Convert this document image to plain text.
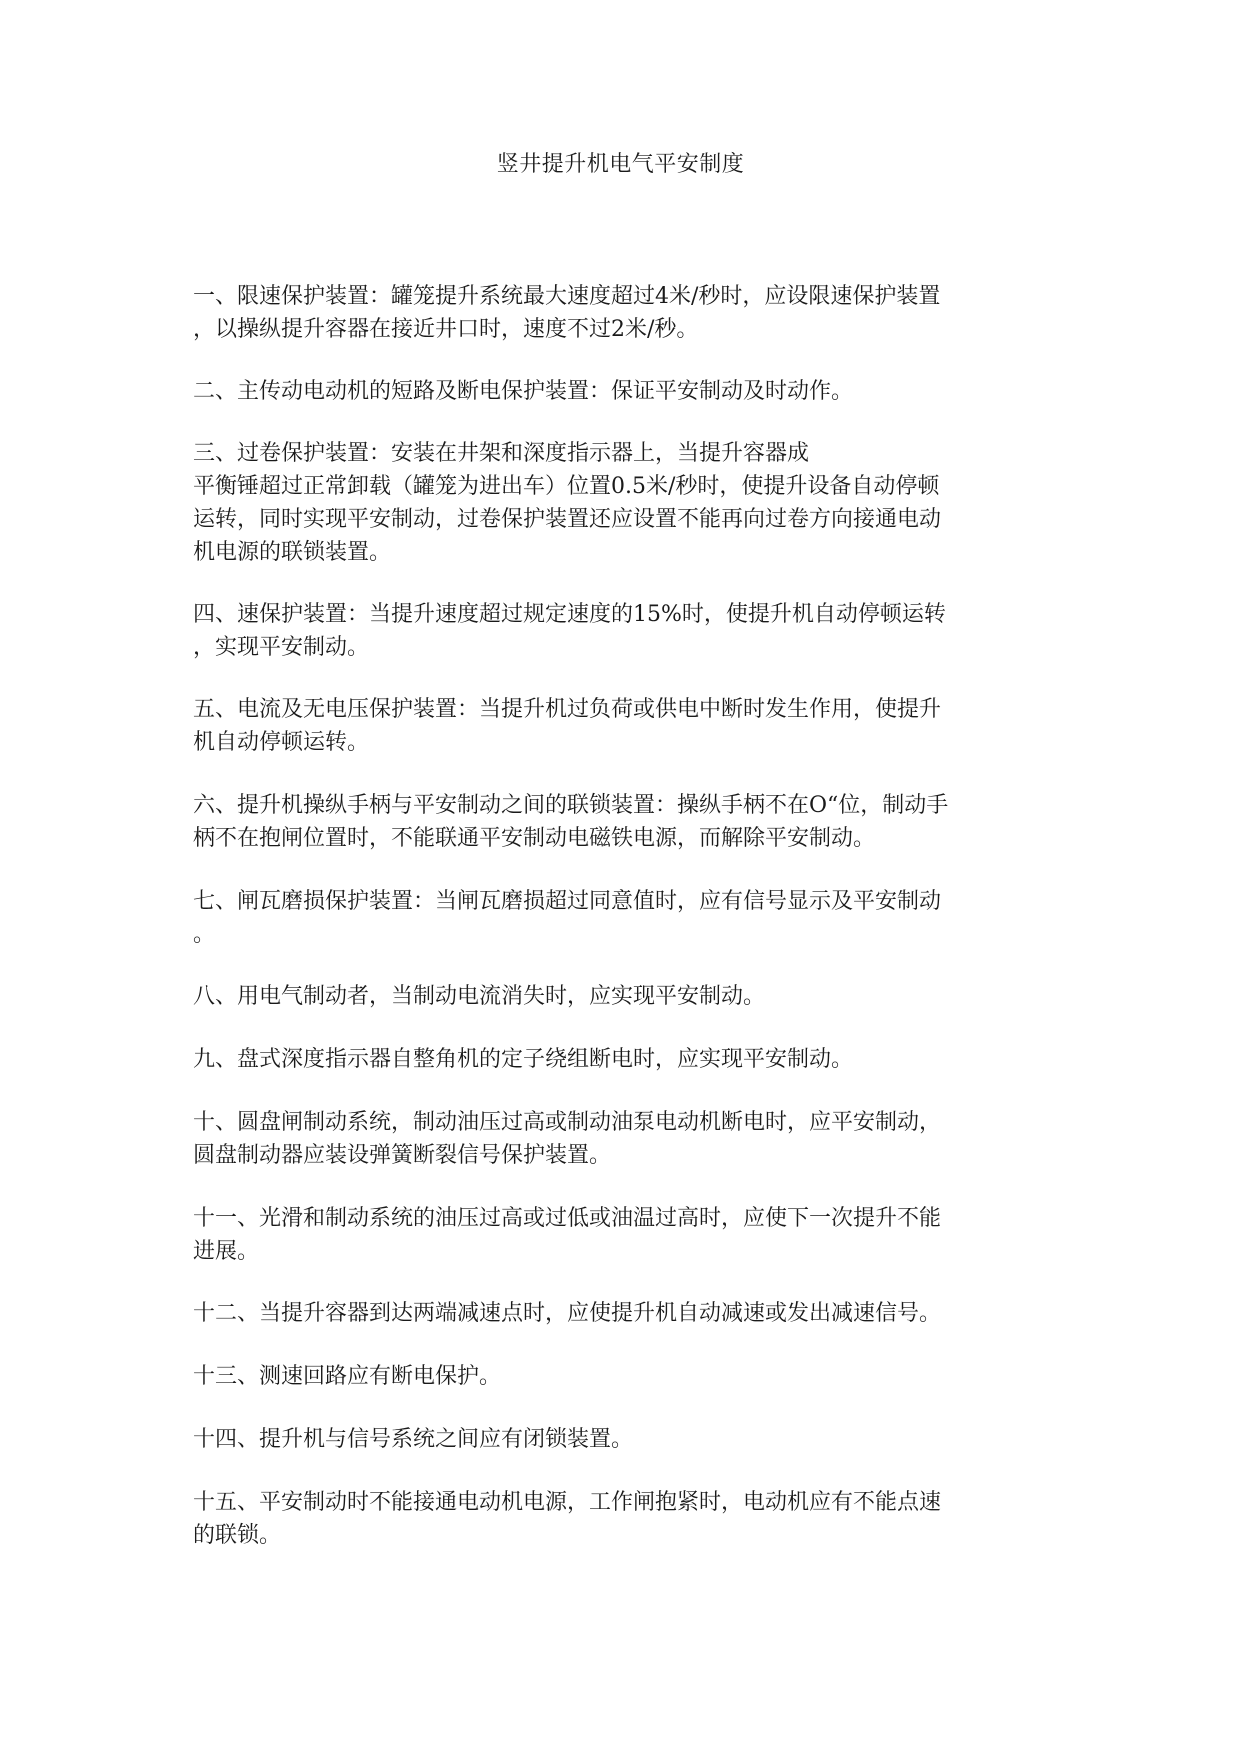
竖井提升机电气平安制度
一、限速保护装置：罐笼提升系统最大速度超过4米/秒时，应设限速保护装置
，以操纵提升容器在接近井口时，速度不过2米/秒。
二、主传动电动机的短路及断电保护装置：保证平安制动及时动作。
三、过卷保护装置：安装在井架和深度指示器上，当提升容器成
平衡锤超过正常卸载（罐笼为进出车）位置0.5米/秒时，使提升设备自动停顿
运转，同时实现平安制动，过卷保护装置还应设置不能再向过卷方向接通电动
机电源的联锁装置。
四、速保护装置：当提升速度超过规定速度的15%时，使提升机自动停顿运转
，实现平安制动。
五、电流及无电压保护装置：当提升机过负荷或供电中断时发生作用，使提升
机自动停顿运转。
六、提升机操纵手柄与平安制动之间的联锁装置：操纵手柄不在O“位，制动手
柄不在抱闸位置时，不能联通平安制动电磁铁电源，而解除平安制动。
七、闸瓦磨损保护装置：当闸瓦磨损超过同意值时，应有信号显示及平安制动
。
八、用电气制动者，当制动电流消失时，应实现平安制动。
九、盘式深度指示器自整角机的定子绕组断电时，应实现平安制动。
十、圆盘闸制动系统，制动油压过高或制动油泵电动机断电时，应平安制动，
圆盘制动器应装设弹簧断裂信号保护装置。
十一、光滑和制动系统的油压过高或过低或油温过高时，应使下一次提升不能
进展。
十二、当提升容器到达两端减速点时，应使提升机自动减速或发出减速信号。
十三、测速回路应有断电保护。
十四、提升机与信号系统之间应有闭锁装置。
十五、平安制动时不能接通电动机电源，工作闸抱紧时，电动机应有不能点速
的联锁。
